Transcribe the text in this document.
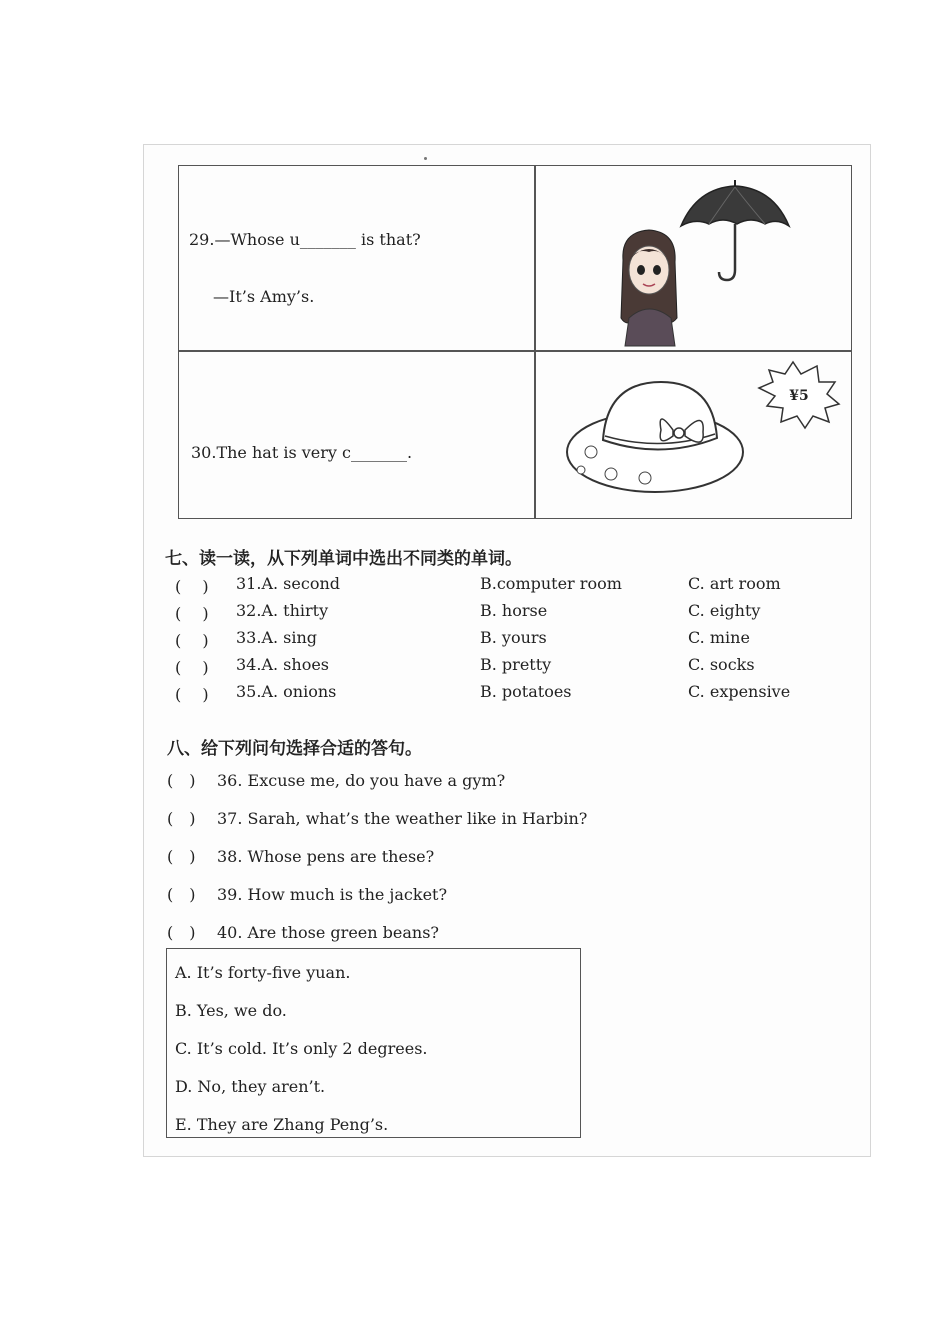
29.—Whose u_______ is that?
—It’s Amy’s.
30.The hat is very c_______.
¥5
七、读一读，从下列单词中选出不同类的单词。
(　 ) 31.A. second	B.computer room	C. art room
(　 ) 32.A. thirty	B. horse	C. eighty
(　 ) 33.A. sing	B. yours	C. mine
(　 ) 34.A. shoes	B. pretty	C. socks
(　 ) 35.A. onions	B. potatoes	C. expensive
八、给下列问句选择合适的答句。
(　) 36. Excuse me, do you have a gym?
(　) 37. Sarah, what’s the weather like in Harbin?
(　) 38. Whose pens are these?
(　) 39. How much is the jacket?
(　) 40. Are those green beans?
A. It’s forty-five yuan.
B. Yes, we do.
C. It’s cold. It’s only 2 degrees.
D. No, they aren’t.
E. They are Zhang Peng’s.
